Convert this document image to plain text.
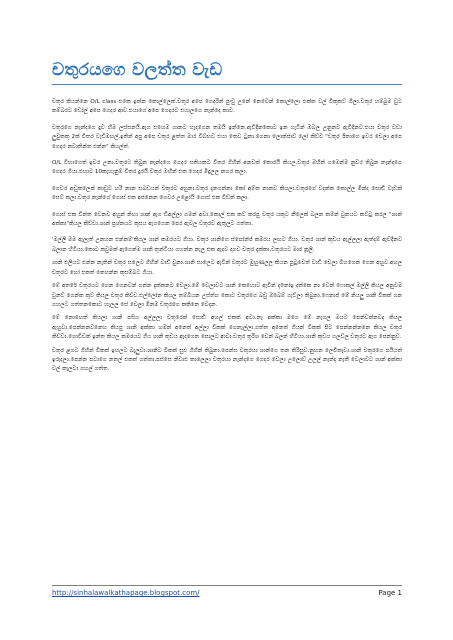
චතුරයගෙ වලත්ත වැඩ

චතුර කියන්නෙ O/L class එකෙ ඉන්න කොල්ලෙක්.චතුර අපෙ ගෙදරින් පුංචු උනේ නෙවෙන් කොල්ලො එක්ක වල් විකුකට් ගිලා.චතුර හම්බුම ඩුට කම්බරට ඩෝල් අපෙ ගෙදර ආව.එයාගේ අපෙ ගෙදරට එයාලගෙ නෑන්දෙ කාව.

චතුරගෙ නෑන්දගෙ දුව හිම ලස්සනයි.ඇග එහෙම ගානට හැදගෙන තමයි ඉන්නෙ.ඇවිදිනකොට ඉන ගැටින් ඔබල උනුනට ඇවිදිනව.එයා චතුර වඩා ලුවුකකු 2ක් විතර වැඩිමහල්.ඉතින් අපු අපෙ චතුර ළත්ත මාර විබ්භව එයා තෙව ටුනා.ගෙනා ලොන්ජාව් ලෝ කිව්ව "චතුර ඊනාගෙ ඉවර චෙලා අපෙ ගෙදර නවාතින්ත එන්න" කියල්ත්.

O/L විභාගෙත් ඉවර උනා.චතුරට තිබුන නෑන්දගෙ ගෙදර සතියකට විතර ගිහින් අනවක් කොරයි කියල.චතුර ඔහින් ගමෙන්ම නුවර තිබුන නෑන්දගෙ ගෙදර ගියා.එහාට 10කැහැනුම් විතර දුරයි.චතුර ඔහින් එක ගෙදර මිදුලල නහර කලා.

ගෙවර අඬුකලෙන් කාඩුව හරි නාන සබඩයන් චතුරට අහුනා.චතුර දැනගන්නා කෝ අම්ක නානව කියලා.චතුරගේ වදන්ක කොල්ල මින්ද සොඩි වැඩක් සෙට් කලා.චතුර නෑන්ගේ ගොස් එක අජනෙන ගෙවර උළෝයි ගොස් එක විඩ්ක් කලා.

ගොස් එක වින්ත වෙනව අහුන් නිහා ශාන් ඇග ඩිඅල්ලා ගමන් අවා.කොල් එක කට් කරපු චතුර යකුට නීලෙක් බලන කම්න් වුනයට කට්ටු කරල "ශාන් අක්කා"කියල කිච්චා.ශාන් ප්‍රශ්නයට කුසය ඇගගෙන පෙර ඇවල චතුරව ඇතුලට ගත්තා.

'මල්ලී මම ඇලැත් උනහන එන්නම්'කියල ශාන් කමරයට ගියා. චතුර ශානිගෙ ස්පෝන්ජ් කමරය ලඟට ගියා. චතුර ශාන් කුඩය ඇල්ලලා ඇත්දම් ඇව්දිනව බලාන හිටියා.කොට කවුමක් ඇගෙන්ම ශානි තුන්ටියා ගහන්න නැල එක ඇදට දාගව චතුර දැක්කා.චතුරයට මාර නූලි.

ශානි එලියට එන්න නැතින් චතුර සලෙට ගිහින් වාඩි වුනා.ශානි සාලෙට ඇවින් චතුරට මුහුණලල කියන පුටුවෙත් වාඩි චෙලා බිහගෙන ගෙන අහුව.අහල චතුරට හෝ එකත් නෙහන්න කුසම්බට ගියා.

මේ අතරේ චතුරයට ගෙන ගෙනවන් ගන්න දැක්කනට චෙලා.මේ වෙලාවට ශානි කෙහොට ඇවින් දැනෝඉ දක්කෙ නා වෙන් ෆොකල් මල්ලි කියල අනුවම වුනට් ගෙන්ක කුට් කියල චතුර කිව්ව.එල්ලෝන කියල තම්බියන උස්ත්හ කොට චතුරගෙ බඩු ඔබෙම් ගැට්ලා තිබුනා.ෆෙනාජ් මේ නියලු ශානි විකක් ගන ගහලට ගත්තනකොට හැලල සේ වෙලා මිනම චතුරගෙ කකිනෙ වෙදන.

මේ නොහෙත් කියලා ශානි පසිය අල්ලලා චතුරෙන් සොඩි අහල් එකක් අවා.නෑ අක්කා මගෙ මේ නැගල ඔයට පෙන්වන්නවද කියල ඇහුවා.පෙන්නනවනෙහ කියපු ශානි අක්කා හමන් අනෙත් අල්ලා වීකක් ගෙනැල්ලා.ගත්ත අනෙත් ගියන් වීකක් පිට පෙන්නන්නනෙ කියල චතුර කිව්වා.ශොවිඩක් ඉන්ත කියල කමරයට ගිය ශානි කුඩය ඇදගෙන පොලට ආවා.චතුර තුරිශ වෙන් බලන් හිටියා.ශානි කුඩය ගලව්ල චතුරට ඇග පෙන්නුව.

චතුර ළගට ගිහින් විකක් ඉහලට බැලුවා.ශානිට වීකක් සුළු ගිහින් තිබුනා.පෙන්ස චතුරයා ශාන්ගෙ තන තිරිසුව.නුහන ලෙවිකෑවා.ශානි චතුරගෙ පයියත් ඉරුදලා.පෙන්න පටාගෙ නතල් එකත් ගත්තා.පස්සෙ නිවාළු කාලෙලා චතුරයා නෑන්දගෙ ගෙදර වෙලා උලොව් උලල් නෑන්දා නැතී වෙලාවට ශාන් අක්කා වල් කැලවා ගහල් ගත්ත.

http://sinhalawalkathapage.blogspot.com/	Page 1
